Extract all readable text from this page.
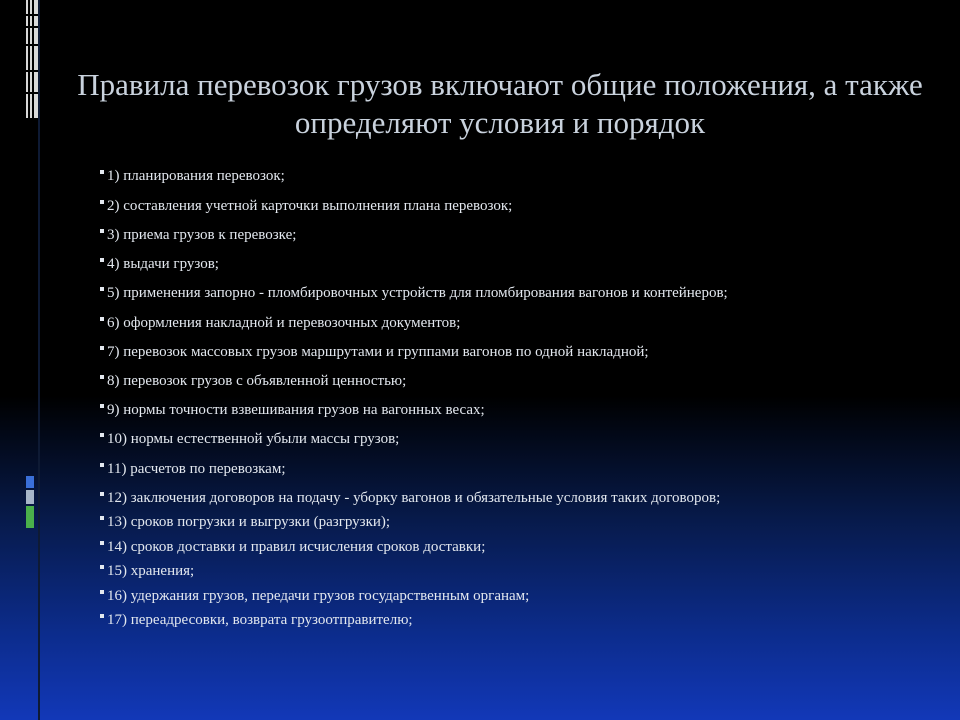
Правила перевозок грузов включают общие положения, а также определяют условия и порядок
1) планирования перевозок;
2) составления учетной карточки выполнения плана перевозок;
3) приема грузов к перевозке;
4) выдачи грузов;
5) применения запорно - пломбировочных устройств для пломбирования вагонов и контейнеров;
6) оформления накладной и перевозочных документов;
7) перевозок массовых грузов маршрутами и группами вагонов по одной накладной;
8) перевозок грузов с объявленной ценностью;
9) нормы точности взвешивания грузов на вагонных весах;
10) нормы естественной убыли массы грузов;
11) расчетов по перевозкам;
12) заключения договоров на подачу - уборку вагонов и обязательные условия таких договоров;
13) сроков погрузки и выгрузки (разгрузки);
14) сроков доставки и правил исчисления сроков доставки;
15) хранения;
16) удержания грузов, передачи грузов государственным органам;
17) переадресовки, возврата грузоотправителю;
